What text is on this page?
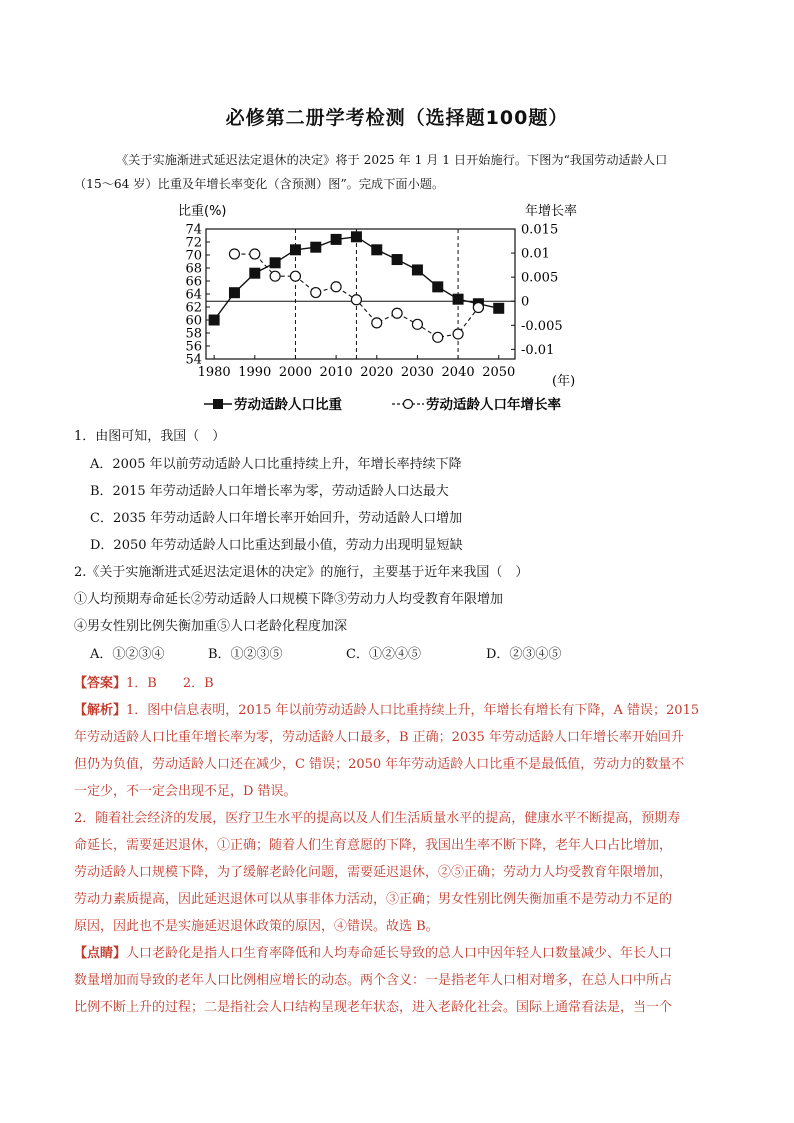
必修第二册学考检测（选择题100题）
《关于实施渐进式延迟法定退休的决定》将于 2025 年 1 月 1 日开始施行。下图为“我国劳动适龄人口
（15～64 岁）比重及年增长率变化（含预测）图”。完成下面小题。
54
56
58
60
62
64
66
68
70
72
74	0.015
0.01
0.005
0
-0.005
-0.01
1980 1990 2000 2010 2020 2030 2040 2050
比重(%)	年增长率
(年)
劳动适龄人口比重	劳动适龄人口年增长率
1．由图可知，我国（　）
A．2005 年以前劳动适龄人口比重持续上升，年增长率持续下降
B．2015 年劳动适龄人口年增长率为零，劳动适龄人口达最大
C．2035 年劳动适龄人口年增长率开始回升，劳动适龄人口增加
D．2050 年劳动适龄人口比重达到最小值，劳动力出现明显短缺
2.《关于实施渐进式延迟法定退休的决定》的施行，主要基于近年来我国（　）
①人均预期寿命延长②劳动适龄人口规模下降③劳动力人均受教育年限增加
④男女性别比例失衡加重⑤人口老龄化程度加深
A．①②③④	B．①②③⑤	C．①②④⑤	D．②③④⑤
【答案】1．B　　2．B
【解析】1．图中信息表明，2015 年以前劳动适龄人口比重持续上升，年增长有增长有下降，A 错误；2015
年劳动适龄人口比重年增长率为零，劳动适龄人口最多，B 正确；2035 年劳动适龄人口年增长率开始回升
但仍为负值，劳动适龄人口还在减少，C 错误；2050 年年劳动适龄人口比重不是最低值，劳动力的数量不
一定少，不一定会出现不足，D 错误。
2．随着社会经济的发展，医疗卫生水平的提高以及人们生活质量水平的提高，健康水平不断提高，预期寿
命延长，需要延迟退休，①正确；随着人们生育意愿的下降，我国出生率不断下降，老年人口占比增加，
劳动适龄人口规模下降，为了缓解老龄化问题，需要延迟退休，②⑤正确；劳动力人均受教育年限增加，
劳动力素质提高，因此延迟退休可以从事非体力活动，③正确；男女性别比例失衡加重不是劳动力不足的
原因，因此也不是实施延迟退休政策的原因，④错误。故选 B。
【点睛】人口老龄化是指人口生育率降低和人均寿命延长导致的总人口中因年轻人口数量减少、年长人口
数量增加而导致的老年人口比例相应增长的动态。两个含义：一是指老年人口相对增多，在总人口中所占
比例不断上升的过程；二是指社会人口结构呈现老年状态，进入老龄化社会。国际上通常看法是，当一个
